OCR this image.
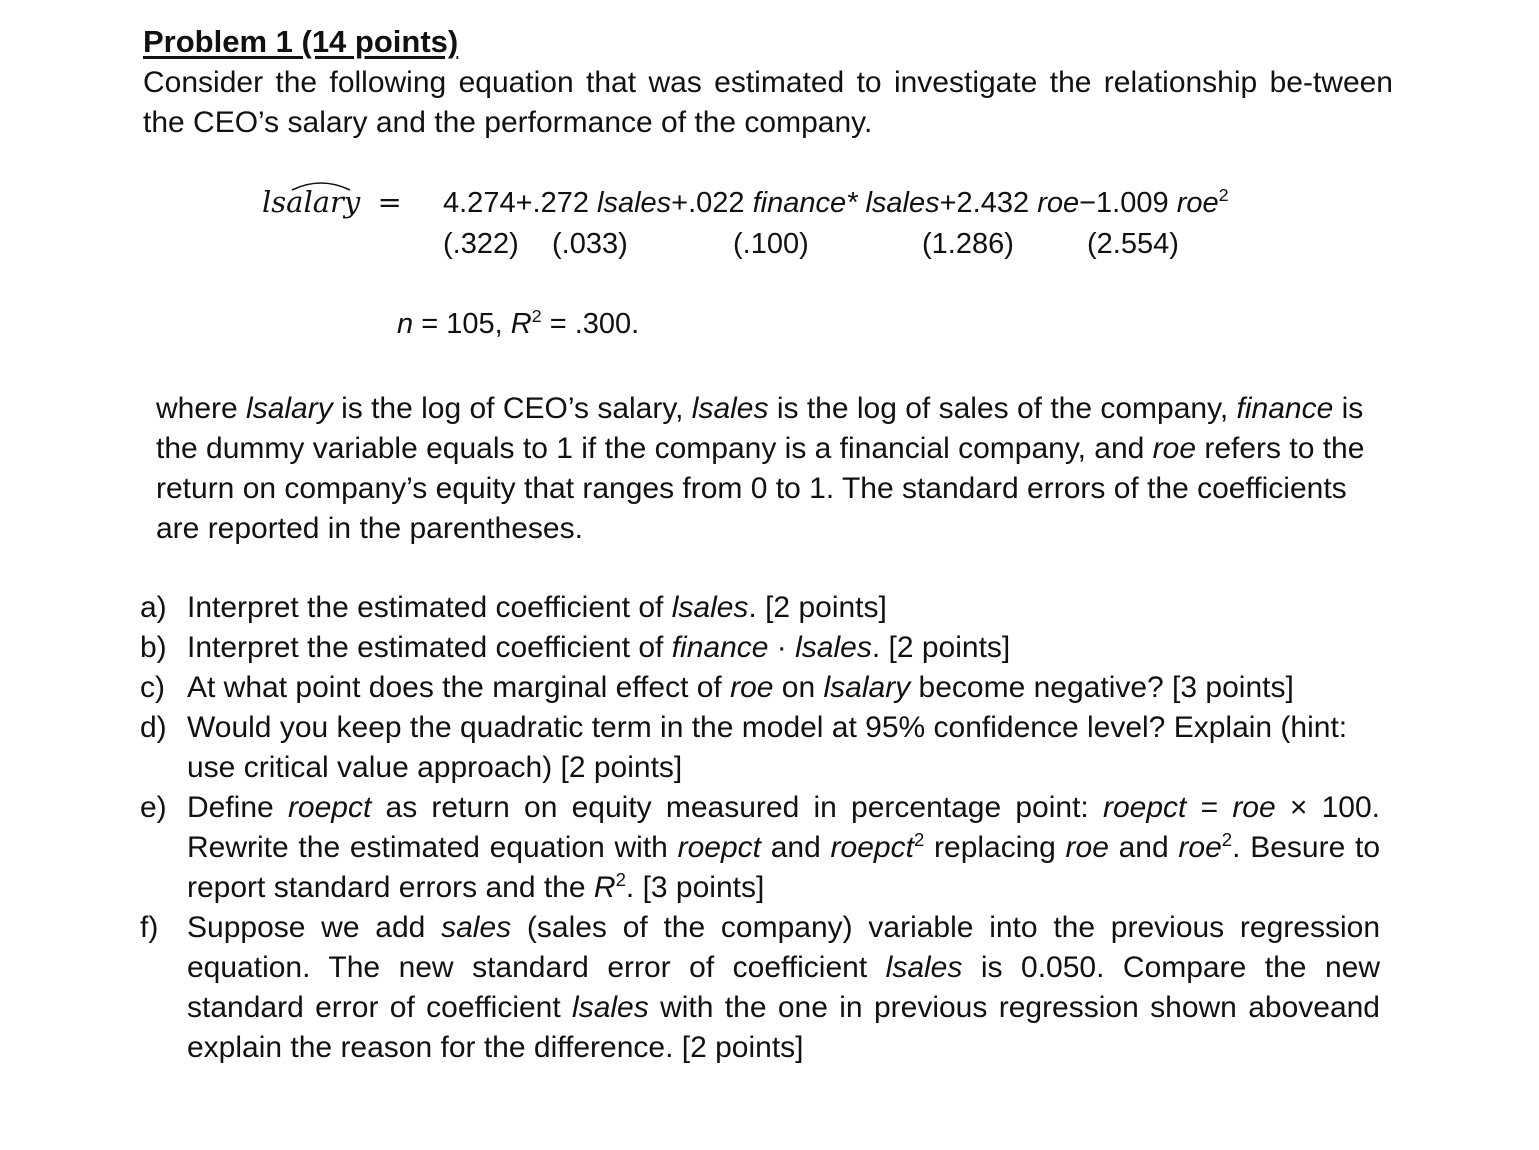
Problem 1 (14 points)
Consider the following equation that was estimated to investigate the relationship be-tween the CEO’s salary and the performance of the company.
lsalary = 4.274+.272 lsales+.022 finance* lsales+2.432 roe−1.009 roe$^2$
(.322) (.033)	(.100)	(1.286)	(2.554)
n = 105, $R^2 = .300$.
where lsalary is the log of CEO’s salary, lsales is the log of sales of the company, finance is the dummy variable equals to 1 if the company is a financial company, and roe refers to the return on company’s equity that ranges from 0 to 1. The standard errors of the coefficients are reported in the parentheses.
a) Interpret the estimated coefficient of lsales. [2 points]
b) Interpret the estimated coefficient of finance · lsales. [2 points]
c) At what point does the marginal effect of roe on lsalary become negative? [3 points]
d) Would you keep the quadratic term in the model at 95% confidence level? Explain (hint: use critical value approach) [2 points]
e) Define roepct as return on equity measured in percentage point: roepct = roe × 100. Rewrite the estimated equation with roepct and roepct$^2$ replacing roe and roe$^2$. Besure to report standard errors and the $R^2$. [3 points]
f) Suppose we add sales (sales of the company) variable into the previous regression equation. The new standard error of coefficient lsales is 0.050. Compare the new standard error of coefficient lsales with the one in previous regression shown aboveand explain the reason for the difference. [2 points]
